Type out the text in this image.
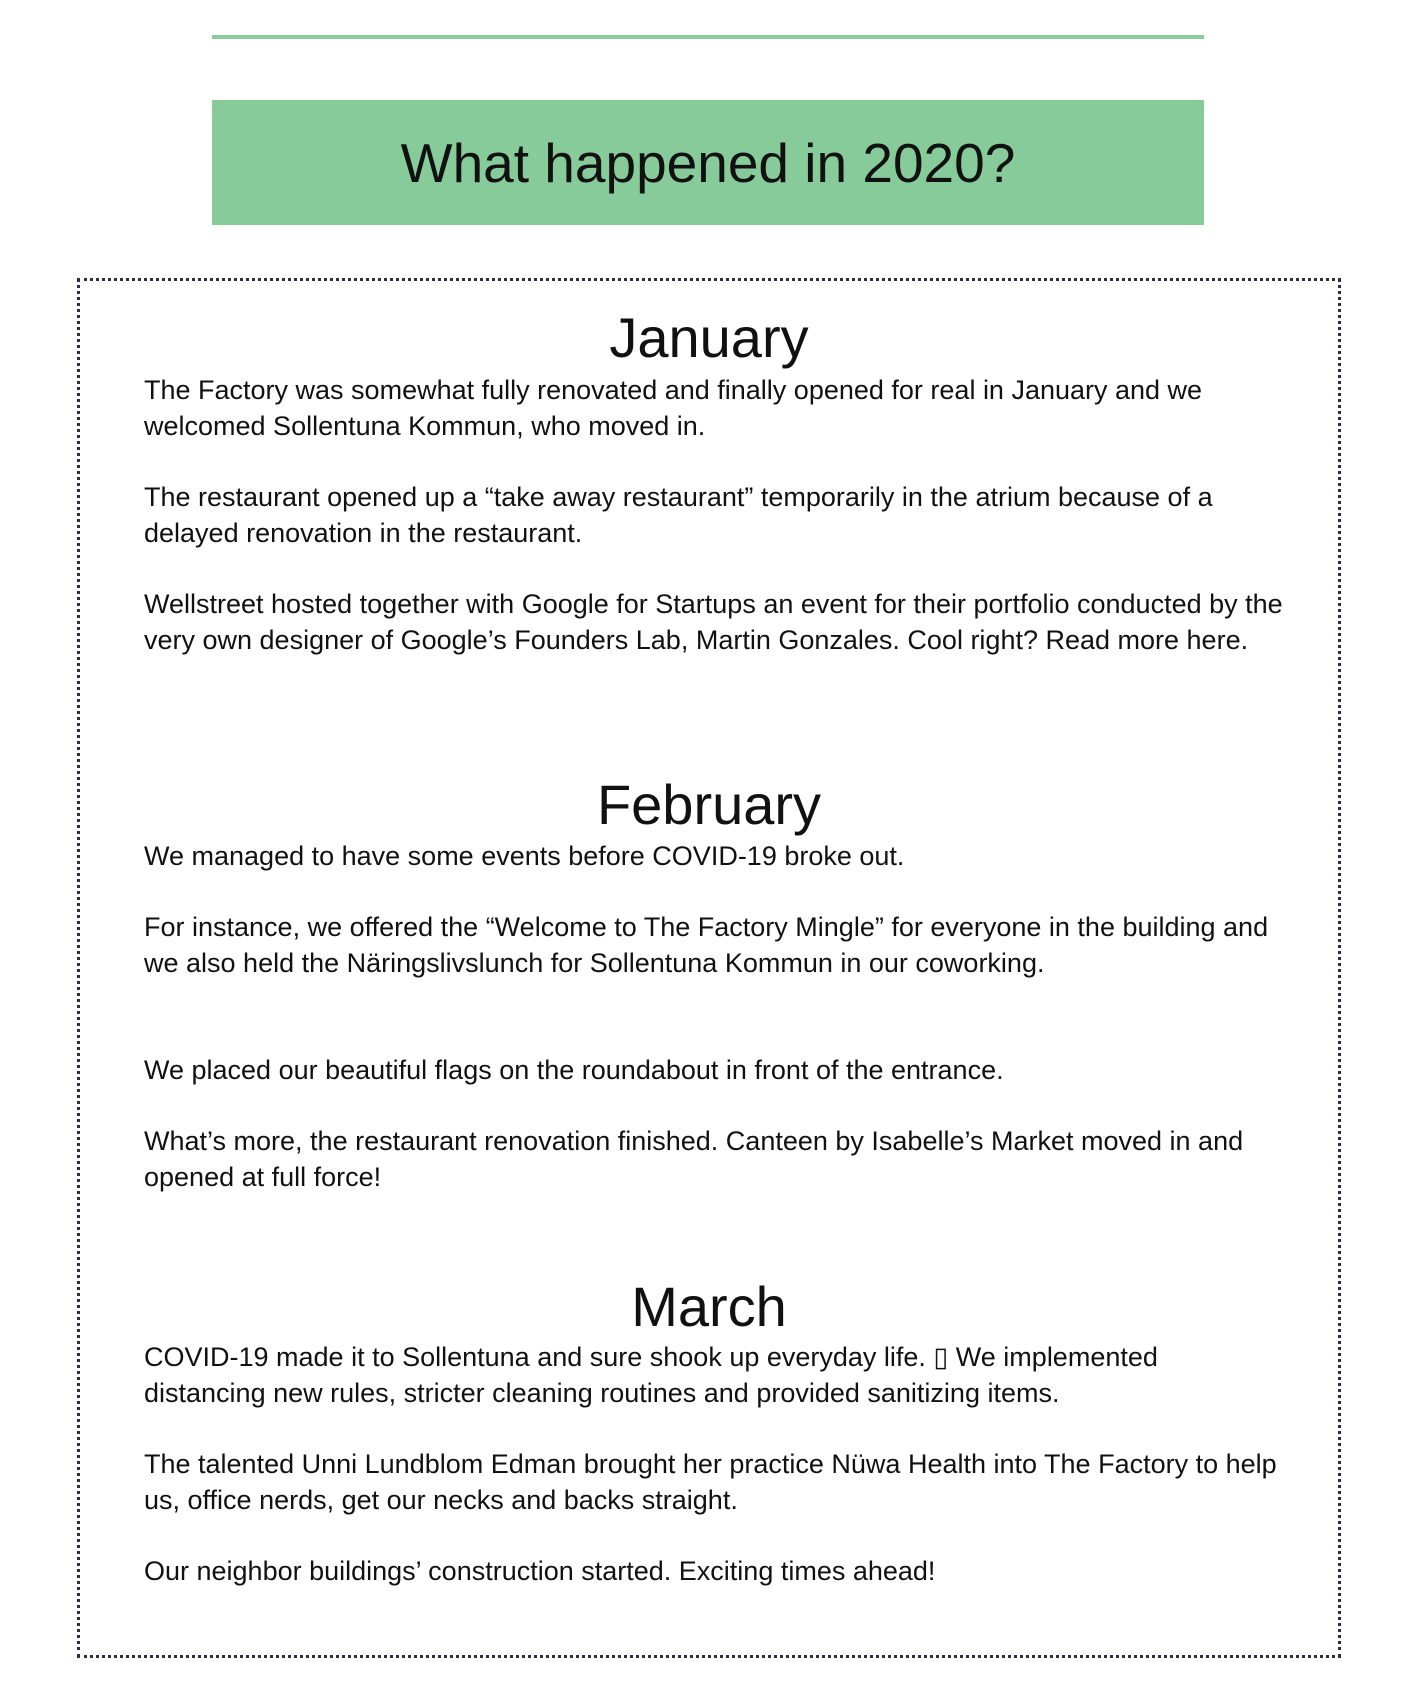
What happened in 2020?
January

The Factory was somewhat fully renovated and finally opened for real in January and we welcomed Sollentuna Kommun, who moved in.

The restaurant opened up a “take away restaurant” temporarily in the atrium because of a delayed renovation in the restaurant.

Wellstreet hosted together with Google for Startups an event for their portfolio conducted by the very own designer of Google’s Founders Lab, Martin Gonzales. Cool right? Read more here.

February

We managed to have some events before COVID-19 broke out.

For instance, we offered the “Welcome to The Factory Mingle” for everyone in the building and we also held the Näringslivslunch for Sollentuna Kommun in our coworking.

We placed our beautiful flags on the roundabout in front of the entrance.

What’s more, the restaurant renovation finished. Canteen by Isabelle’s Market moved in and opened at full force!

March

COVID-19 made it to Sollentuna and sure shook up everyday life. ▯ We implemented distancing new rules, stricter cleaning routines and provided sanitizing items.

The talented Unni Lundblom Edman brought her practice Nüwa Health into The Factory to help us, office nerds, get our necks and backs straight.

Our neighbor buildings’ construction started. Exciting times ahead!
